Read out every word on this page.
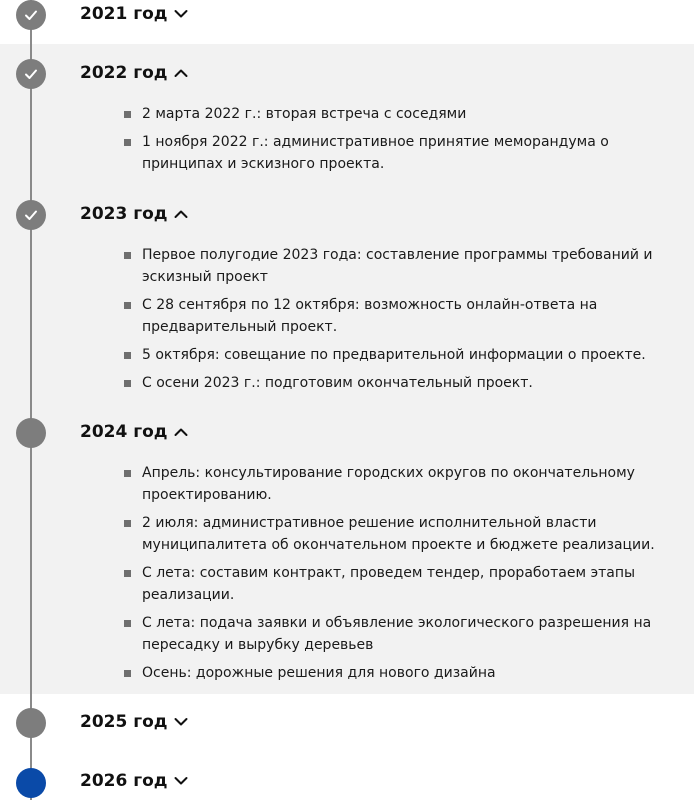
2021 год
2022 год
2 марта 2022 г.: вторая встреча с соседями
1 ноября 2022 г.: административное принятие меморандума о принципах и эскизного проекта.
2023 год
Первое полугодие 2023 года: составление программы требований и эскизный проект
С 28 сентября по 12 октября: возможность онлайн-ответа на предварительный проект.
5 октября: совещание по предварительной информации о проекте.
С осени 2023 г.: подготовим окончательный проект.
2024 год
Апрель: консультирование городских округов по окончательному проектированию.
2 июля: административное решение исполнительной власти муниципалитета об окончательном проекте и бюджете реализации.
С лета: составим контракт, проведем тендер, проработаем этапы реализации.
С лета: подача заявки и объявление экологического разрешения на пересадку и вырубку деревьев
Осень: дорожные решения для нового дизайна
2025 год
2026 год
